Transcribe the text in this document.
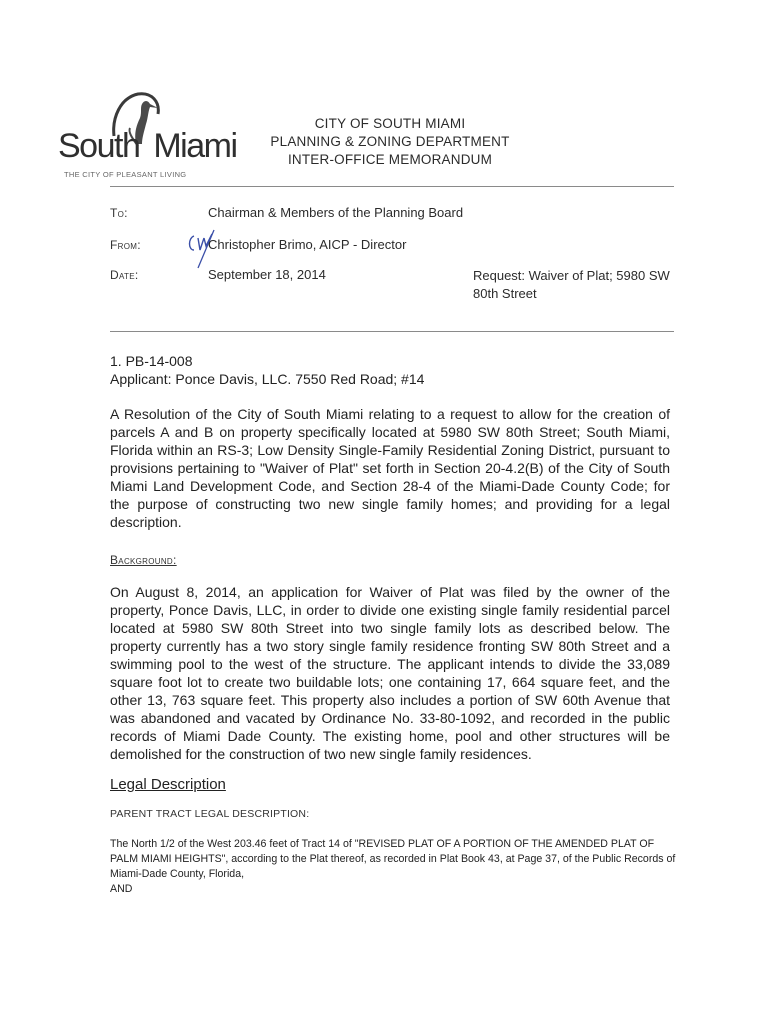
South Miami
THE CITY OF PLEASANT LIVING
CITY OF SOUTH MIAMI
PLANNING & ZONING DEPARTMENT
INTER-OFFICE MEMORANDUM
To:	Chairman & Members of the Planning Board
From:	Christopher Brimo, AICP - Director
Date:	September 18, 2014	Request: Waiver of Plat; 5980 SW 80th Street
1. PB-14-008
Applicant: Ponce Davis, LLC. 7550 Red Road; #14

A Resolution of the City of South Miami relating to a request to allow for the creation of parcels A and B on property specifically located at 5980 SW 80th Street; South Miami, Florida within an RS-3; Low Density Single-Family Residential Zoning District, pursuant to provisions pertaining to "Waiver of Plat" set forth in Section 20-4.2(B) of the City of South Miami Land Development Code, and Section 28-4 of the Miami-Dade County Code; for the purpose of constructing two new single family homes; and providing for a legal description.

Background:

On August 8, 2014, an application for Waiver of Plat was filed by the owner of the property, Ponce Davis, LLC, in order to divide one existing single family residential parcel located at 5980 SW 80th Street into two single family lots as described below. The property currently has a two story single family residence fronting SW 80th Street and a swimming pool to the west of the structure. The applicant intends to divide the 33,089 square foot lot to create two buildable lots; one containing 17, 664 square feet, and the other 13, 763 square feet. This property also includes a portion of SW 60th Avenue that was abandoned and vacated by Ordinance No. 33-80-1092, and recorded in the public records of Miami Dade County. The existing home, pool and other structures will be demolished for the construction of two new single family residences.

Legal Description
PARENT TRACT LEGAL DESCRIPTION:

The North 1/2 of the West 203.46 feet of Tract 14 of "REVISED PLAT OF A PORTION OF THE AMENDED PLAT OF PALM MIAMI HEIGHTS", according to the Plat thereof, as recorded in Plat Book 43, at Page 37, of the Public Records of Miami-Dade County, Florida,
AND
